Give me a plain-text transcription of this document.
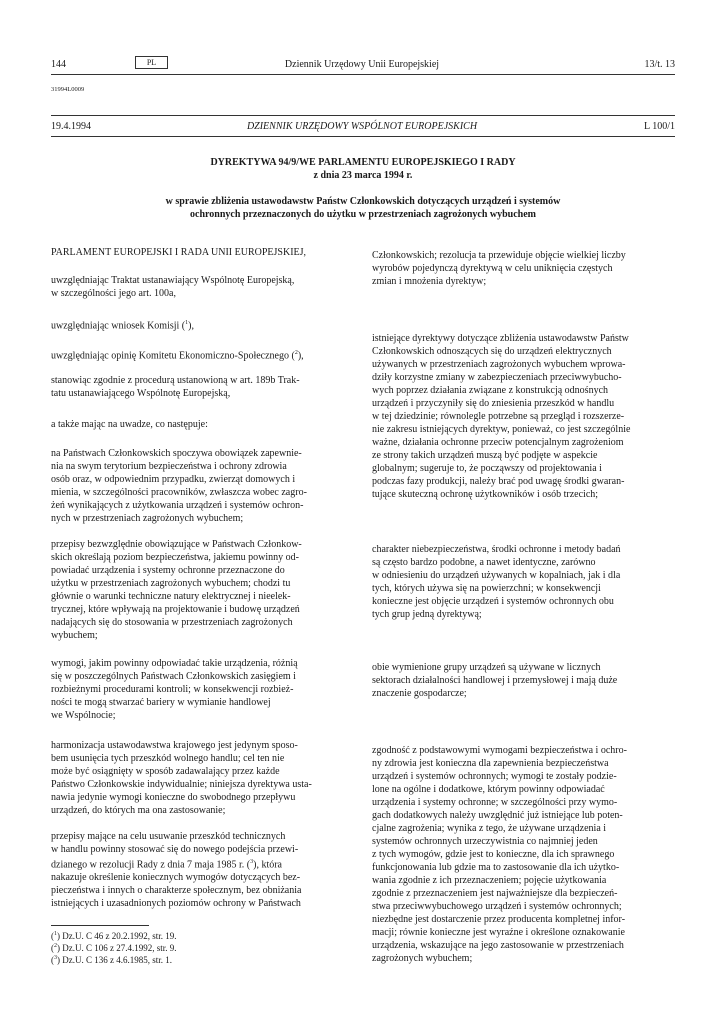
144	PL	Dziennik Urzędowy Unii Europejskiej	13/t. 13
31994L0009
19.4.1994	DZIENNIK URZĘDOWY WSPÓLNOT EUROPEJSKICH	L 100/1
DYREKTYWA 94/9/WE PARLAMENTU EUROPEJSKIEGO I RADY
z dnia 23 marca 1994 r.
w sprawie zbliżenia ustawodawstw Państw Członkowskich dotyczących urządzeń i systemów
ochronnych przeznaczonych do użytku w przestrzeniach zagrożonych wybuchem
PARLAMENT EUROPEJSKI I RADA UNII EUROPEJSKIEJ,
uwzględniając Traktat ustanawiający Wspólnotę Europejską,
w szczególności jego art. 100a,
uwzględniając wniosek Komisji ($^1$),
uwzględniając opinię Komitetu Ekonomiczno-Społecznego ($^2$),
stanowiąc zgodnie z procedurą ustanowioną w art. 189b Trak-
tatu ustanawiającego Wspólnotę Europejską,
a także mając na uwadze, co następuje:
na Państwach Członkowskich spoczywa obowiązek zapewnie-
nia na swym terytorium bezpieczeństwa i ochrony zdrowia
osób oraz, w odpowiednim przypadku, zwierząt domowych i
mienia, w szczególności pracowników, zwłaszcza wobec zagro-
żeń wynikających z użytkowania urządzeń i systemów ochron-
nych w przestrzeniach zagrożonych wybuchem;
przepisy bezwzględnie obowiązujące w Państwach Członkow-
skich określają poziom bezpieczeństwa, jakiemu powinny od-
powiadać urządzenia i systemy ochronne przeznaczone do
użytku w przestrzeniach zagrożonych wybuchem; chodzi tu
głównie o warunki techniczne natury elektrycznej i nieelek-
trycznej, które wpływają na projektowanie i budowę urządzeń
nadających się do stosowania w przestrzeniach zagrożonych
wybuchem;
wymogi, jakim powinny odpowiadać takie urządzenia, różnią
się w poszczególnych Państwach Członkowskich zasięgiem i
rozbieżnymi procedurami kontroli; w konsekwencji rozbież-
ności te mogą stwarzać bariery w wymianie handlowej
we Wspólnocie;
harmonizacja ustawodawstwa krajowego jest jedynym sposo-
bem usunięcia tych przeszkód wolnego handlu; cel ten nie
może być osiągnięty w sposób zadawalający przez każde
Państwo Członkowskie indywidualnie; niniejsza dyrektywa usta-
nawia jedynie wymogi konieczne do swobodnego przepływu
urządzeń, do których ma ona zastosowanie;
przepisy mające na celu usuwanie przeszkód technicznych
w handlu powinny stosować się do nowego podejścia przewi-
dzianego w rezolucji Rady z dnia 7 maja 1985 r. ($^3$), która
nakazuje określenie koniecznych wymogów dotyczących bez-
pieczeństwa i innych o charakterze społecznym, bez obniżania
istniejących i uzasadnionych poziomów ochrony w Państwach
($^1$) Dz.U. C 46 z 20.2.1992, str. 19.
($^2$) Dz.U. C 106 z 27.4.1992, str. 9.
($^3$) Dz.U. C 136 z 4.6.1985, str. 1.
Członkowskich; rezolucja ta przewiduje objęcie wielkiej liczby
wyrobów pojedynczą dyrektywą w celu uniknięcia częstych
zmian i mnożenia dyrektyw;
istniejące dyrektywy dotyczące zbliżenia ustawodawstw Państw
Członkowskich odnoszących się do urządzeń elektrycznych
używanych w przestrzeniach zagrożonych wybuchem wprowa-
dziły korzystne zmiany w zabezpieczeniach przeciwwybucho-
wych poprzez działania związane z konstrukcją odnośnych
urządzeń i przyczyniły się do zniesienia przeszkód w handlu
w tej dziedzinie; równolegle potrzebne są przegląd i rozszerze-
nie zakresu istniejących dyrektyw, ponieważ, co jest szczególnie
ważne, działania ochronne przeciw potencjalnym zagrożeniom
ze strony takich urządzeń muszą być podjęte w aspekcie
globalnym; sugeruje to, że począwszy od projektowania i
podczas fazy produkcji, należy brać pod uwagę środki gwaran-
tujące skuteczną ochronę użytkowników i osób trzecich;
charakter niebezpieczeństwa, środki ochronne i metody badań
są często bardzo podobne, a nawet identyczne, zarówno
w odniesieniu do urządzeń używanych w kopalniach, jak i dla
tych, których używa się na powierzchni; w konsekwencji
konieczne jest objęcie urządzeń i systemów ochronnych obu
tych grup jedną dyrektywą;
obie wymienione grupy urządzeń są używane w licznych
sektorach działalności handlowej i przemysłowej i mają duże
znaczenie gospodarcze;
zgodność z podstawowymi wymogami bezpieczeństwa i ochro-
ny zdrowia jest konieczna dla zapewnienia bezpieczeństwa
urządzeń i systemów ochronnych; wymogi te zostały podzie-
lone na ogólne i dodatkowe, którym powinny odpowiadać
urządzenia i systemy ochronne; w szczególności przy wymo-
gach dodatkowych należy uwzględnić już istniejące lub poten-
cjalne zagrożenia; wynika z tego, że używane urządzenia i
systemów ochronnych urzeczywistnia co najmniej jeden
z tych wymogów, gdzie jest to konieczne, dla ich sprawnego
funkcjonowania lub gdzie ma to zastosowanie dla ich użytko-
wania zgodnie z ich przeznaczeniem; pojęcie użytkowania
zgodnie z przeznaczeniem jest najważniejsze dla bezpieczeń-
stwa przeciwwybuchowego urządzeń i systemów ochronnych;
niezbędne jest dostarczenie przez producenta kompletnej infor-
macji; równie konieczne jest wyraźne i określone oznakowanie
urządzenia, wskazujące na jego zastosowanie w przestrzeniach
zagrożonych wybuchem;
